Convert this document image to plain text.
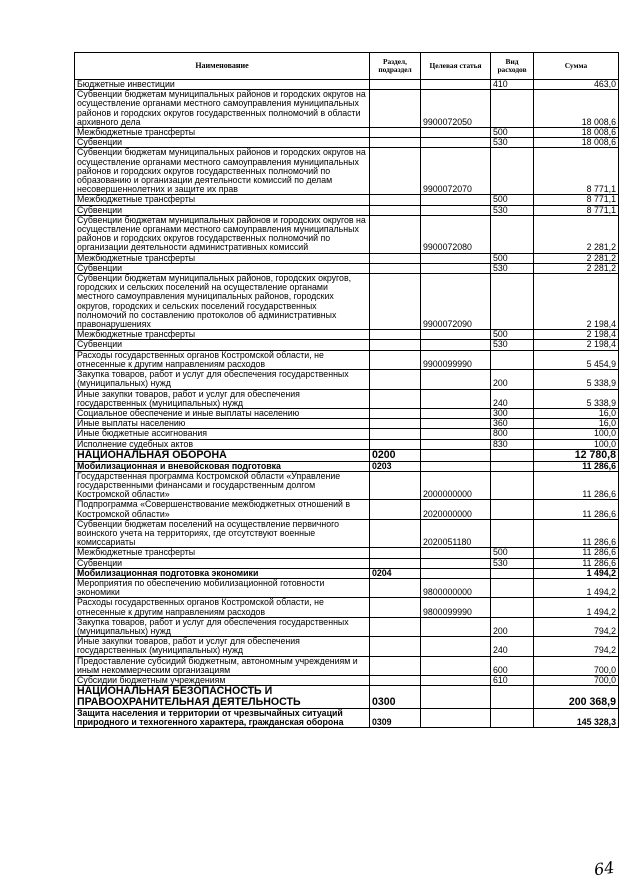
Наименование	Раздел, подраздел	Целевая статья	Вид расходов	Сумма
Бюджетные инвестиции			410	463,0
Субвенции бюджетам муниципальных районов и городских округов на осуществление органами местного самоуправления муниципальных районов и городских округов государственных полномочий в области архивного дела		9900072050		18 008,6
Межбюджетные трансферты			500	18 008,6
Субвенции			530	18 008,6
Субвенции бюджетам муниципальных районов и городских округов на осуществление органами местного самоуправления муниципальных районов и городских округов государственных полномочий по образованию и организации деятельности комиссий по делам несовершеннолетних и защите их прав		9900072070		8 771,1
Межбюджетные трансферты			500	8 771,1
Субвенции			530	8 771,1
Субвенции бюджетам муниципальных районов и городских округов на осуществление органами местного самоуправления муниципальных районов и городских округов государственных полномочий по организации деятельности административных комиссий		9900072080		2 281,2
Межбюджетные трансферты			500	2 281,2
Субвенции			530	2 281,2
Субвенции бюджетам муниципальных районов, городских округов, городских и сельских поселений на осуществление органами местного самоуправления муниципальных районов, городских округов, городских и сельских поселений государственных полномочий по составлению протоколов об административных правонарушениях		9900072090		2 198,4
Межбюджетные трансферты			500	2 198,4
Субвенции			530	2 198,4
Расходы государственных органов Костромской области, не отнесенные к другим направлениям расходов		9900099990		5 454,9
Закупка товаров, работ и услуг для обеспечения государственных (муниципальных) нужд			200	5 338,9
Иные закупки товаров, работ и услуг для обеспечения государственных (муниципальных) нужд			240	5 338,9
Социальное обеспечение и иные выплаты населению			300	16,0
Иные выплаты населению			360	16,0
Иные бюджетные ассигнования			800	100,0
Исполнение судебных актов			830	100,0
НАЦИОНАЛЬНАЯ ОБОРОНА	0200			12 780,8
Мобилизационная и вневойсковая подготовка	0203			11 286,6
Государственная программа Костромской области «Управление государственными финансами и государственным долгом Костромской области»		2000000000		11 286,6
Подпрограмма «Совершенствование межбюджетных отношений в Костромской области»		2020000000		11 286,6
Субвенции бюджетам поселений на осуществление первичного воинского учета на территориях, где отсутствуют военные комиссариаты		2020051180		11 286,6
Межбюджетные трансферты			500	11 286,6
Субвенции			530	11 286,6
Мобилизационная подготовка экономики	0204			1 494,2
Мероприятия по обеспечению мобилизационной готовности экономики		9800000000		1 494,2
Расходы государственных органов Костромской области, не отнесенные к другим направлениям расходов		9800099990		1 494,2
Закупка товаров, работ и услуг для обеспечения государственных (муниципальных) нужд			200	794,2
Иные закупки товаров, работ и услуг для обеспечения государственных (муниципальных) нужд			240	794,2
Предоставление субсидий бюджетным, автономным учреждениям и иным некоммерческим организациям			600	700,0
Субсидии бюджетным учреждениям			610	700,0
НАЦИОНАЛЬНАЯ БЕЗОПАСНОСТЬ И ПРАВООХРАНИТЕЛЬНАЯ ДЕЯТЕЛЬНОСТЬ	0300			200 368,9
Защита населения и территории от чрезвычайных ситуаций природного и техногенного характера, гражданская оборона	0309			145 328,3
64
